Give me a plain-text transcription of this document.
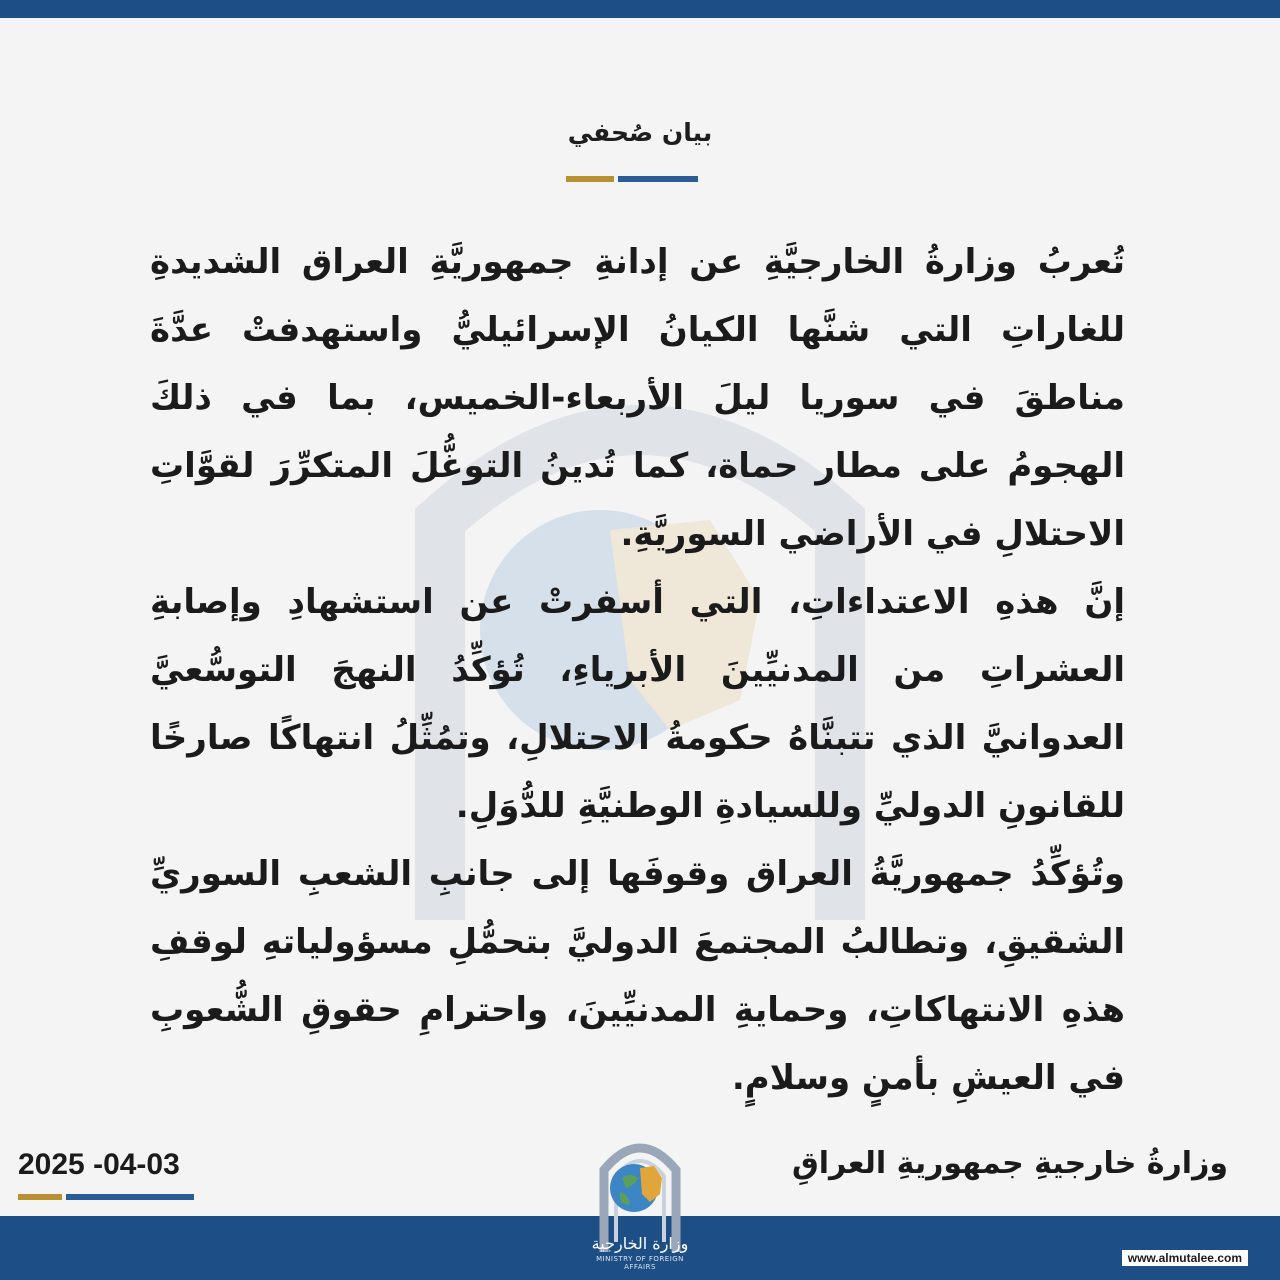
بيان صُحفي

تُعربُ وزارةُ الخارجيَّةِ عن إدانةِ جمهوريَّةِ العراق الشديدةِ للغاراتِ التي شنَّها الكيانُ الإسرائيليُّ واستهدفتْ عدَّةَ مناطقَ في سوريا ليلَ الأربعاء-الخميس، بما في ذلكَ الهجومُ على مطار حماة، كما تُدينُ التوغُّلَ المتكرِّرَ لقوَّاتِ الاحتلالِ في الأراضي السوريَّةِ.

إنَّ هذهِ الاعتداءاتِ، التي أسفرتْ عن استشهادِ وإصابةِ العشراتِ من المدنيِّينَ الأبرياءِ، تُؤكِّدُ النهجَ التوسُّعيَّ العدوانيَّ الذي تتبنَّاهُ حكومةُ الاحتلالِ، وتمُثِّلُ انتهاكًا صارخًا للقانونِ الدوليِّ وللسيادةِ الوطنيَّةِ للدُّوَلِ.

وتُؤكِّدُ جمهوريَّةُ العراق وقوفَها إلى جانبِ الشعبِ السوريِّ الشقيقِ، وتطالبُ المجتمعَ الدوليَّ بتحمُّلِ مسؤولياتهِ لوقفِ هذهِ الانتهاكاتِ، وحمايةِ المدنيِّينَ، واحترامِ حقوقِ الشُّعوبِ في العيشِ بأمنٍ وسلامٍ.

2025 -04-03	وزارةُ خارجيةِ جمهوريةِ العراقِ
وزارة الخارجية
MINISTRY OF FOREIGN AFFAIRS
www.almutalee.com
